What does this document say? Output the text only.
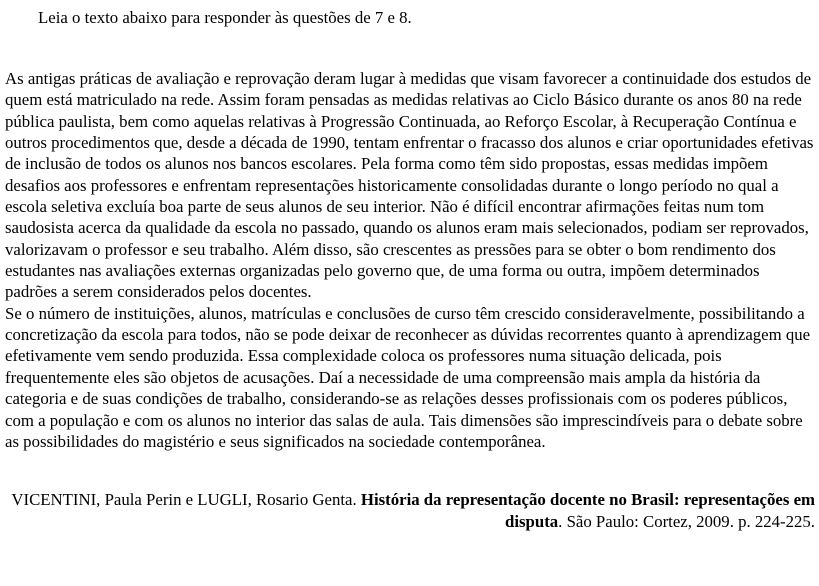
Leia o texto abaixo para responder às questões de 7 e 8.

As antigas práticas de avaliação e reprovação deram lugar à medidas que visam favorecer a continuidade dos estudos de quem está matriculado na rede. Assim foram pensadas as medidas relativas ao Ciclo Básico durante os anos 80 na rede pública paulista, bem como aquelas relativas à Progressão Continuada, ao Reforço Escolar, à Recuperação Contínua e outros procedimentos que, desde a década de 1990, tentam enfrentar o fracasso dos alunos e criar oportunidades efetivas de inclusão de todos os alunos nos bancos escolares. Pela forma como têm sido propostas, essas medidas impõem desafios aos professores e enfrentam representações historicamente consolidadas durante o longo período no qual a escola seletiva excluía boa parte de seus alunos de seu interior. Não é difícil encontrar afirmações feitas num tom saudosista acerca da qualidade da escola no passado, quando os alunos eram mais selecionados, podiam ser reprovados, valorizavam o professor e seu trabalho. Além disso, são crescentes as pressões para se obter o bom rendimento dos estudantes nas avaliações externas organizadas pelo governo que, de uma forma ou outra, impõem determinados padrões a serem considerados pelos docentes.

Se o número de instituições, alunos, matrículas e conclusões de curso têm crescido consideravelmente, possibilitando a concretização da escola para todos, não se pode deixar de reconhecer as dúvidas recorrentes quanto à aprendizagem que efetivamente vem sendo produzida. Essa complexidade coloca os professores numa situação delicada, pois frequentemente eles são objetos de acusações. Daí a necessidade de uma compreensão mais ampla da história da categoria e de suas condições de trabalho, considerando-se as relações desses profissionais com os poderes públicos, com a população e com os alunos no interior das salas de aula. Tais dimensões são imprescindíveis para o debate sobre as possibilidades do magistério e seus significados na sociedade contemporânea.

VICENTINI, Paula Perin e LUGLI, Rosario Genta. História da representação docente no Brasil: representações em disputa. São Paulo: Cortez, 2009. p. 224-225.
